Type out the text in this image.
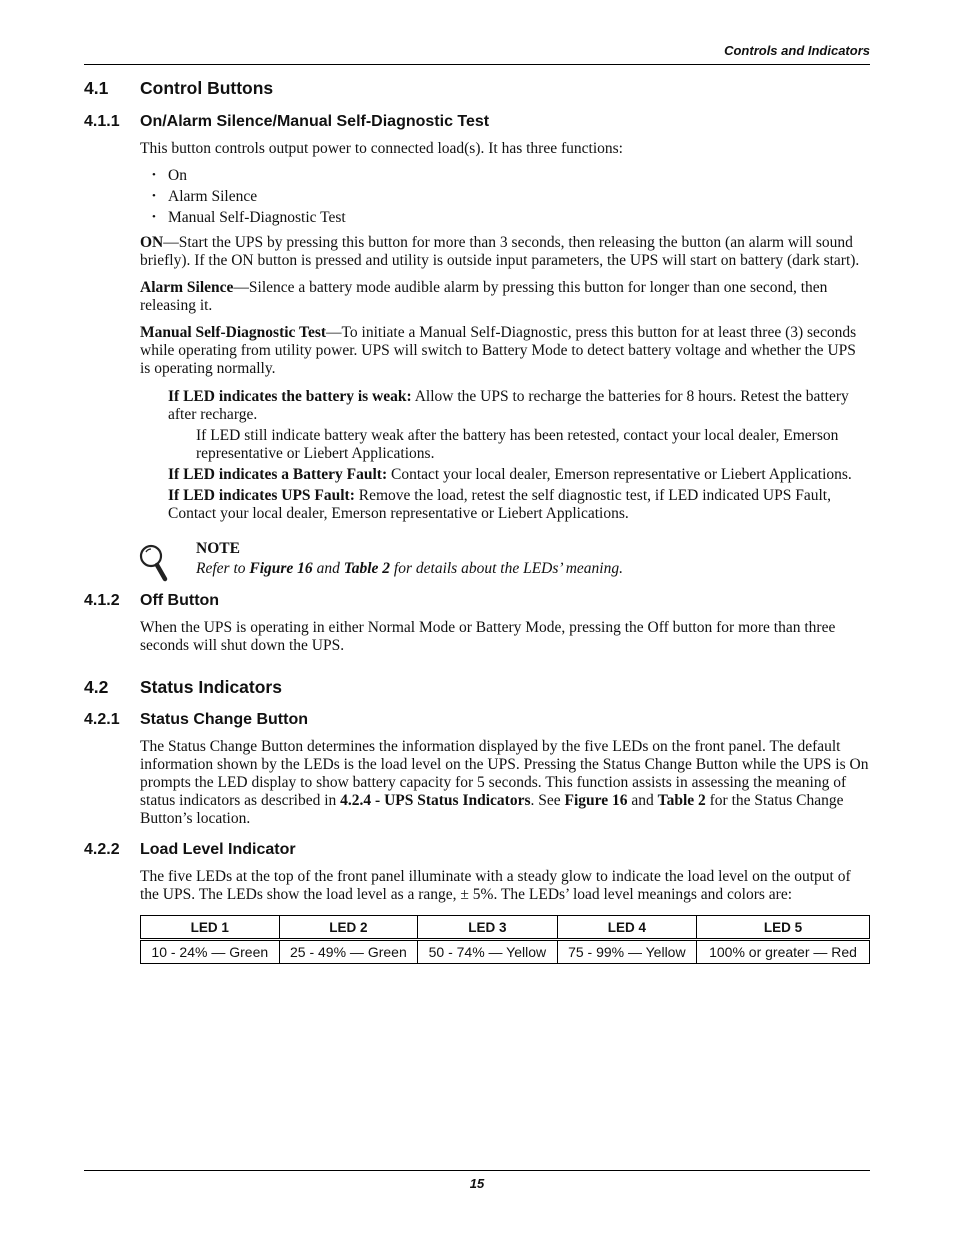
Controls and Indicators
4.1	Control Buttons
4.1.1	On/Alarm Silence/Manual Self-Diagnostic Test

This button controls output power to connected load(s). It has three functions:

• On
• Alarm Silence
• Manual Self-Diagnostic Test

ON—Start the UPS by pressing this button for more than 3 seconds, then releasing the button (an alarm will sound briefly). If the ON button is pressed and utility is outside input parameters, the UPS will start on battery (dark start).

Alarm Silence—Silence a battery mode audible alarm by pressing this button for longer than one second, then releasing it.

Manual Self-Diagnostic Test—To initiate a Manual Self-Diagnostic, press this button for at least three (3) seconds while operating from utility power. UPS will switch to Battery Mode to detect battery voltage and whether the UPS is operating normally.

If LED indicates the battery is weak: Allow the UPS to recharge the batteries for 8 hours. Retest the battery after recharge.

If LED still indicate battery weak after the battery has been retested, contact your local dealer, Emerson representative or Liebert Applications.

If LED indicates a Battery Fault: Contact your local dealer, Emerson representative or Liebert Applications.

If LED indicates UPS Fault: Remove the load, retest the self diagnostic test, if LED indicated UPS Fault, Contact your local dealer, Emerson representative or Liebert Applications.

NOTE
Refer to Figure 16 and Table 2 for details about the LEDs’ meaning.
4.1.2	Off Button

When the UPS is operating in either Normal Mode or Battery Mode, pressing the Off button for more than three seconds will shut down the UPS.

4.2	Status Indicators
4.2.1	Status Change Button

The Status Change Button determines the information displayed by the five LEDs on the front panel. The default information shown by the LEDs is the load level on the UPS. Pressing the Status Change Button while the UPS is On prompts the LED display to show battery capacity for 5 seconds. This function assists in assessing the meaning of status indicators as described in 4.2.4 - UPS Status Indicators. See Figure 16 and Table 2 for the Status Change Button’s location.

4.2.2	Load Level Indicator

The five LEDs at the top of the front panel illuminate with a steady glow to indicate the load level on the output of the UPS. The LEDs show the load level as a range, ± 5%. The LEDs’ load level meanings and colors are:

LED 1	LED 2	LED 3	LED 4	LED 5
10 - 24% — Green	25 - 49% — Green	50 - 74% — Yellow	75 - 99% — Yellow	100% or greater — Red
15
